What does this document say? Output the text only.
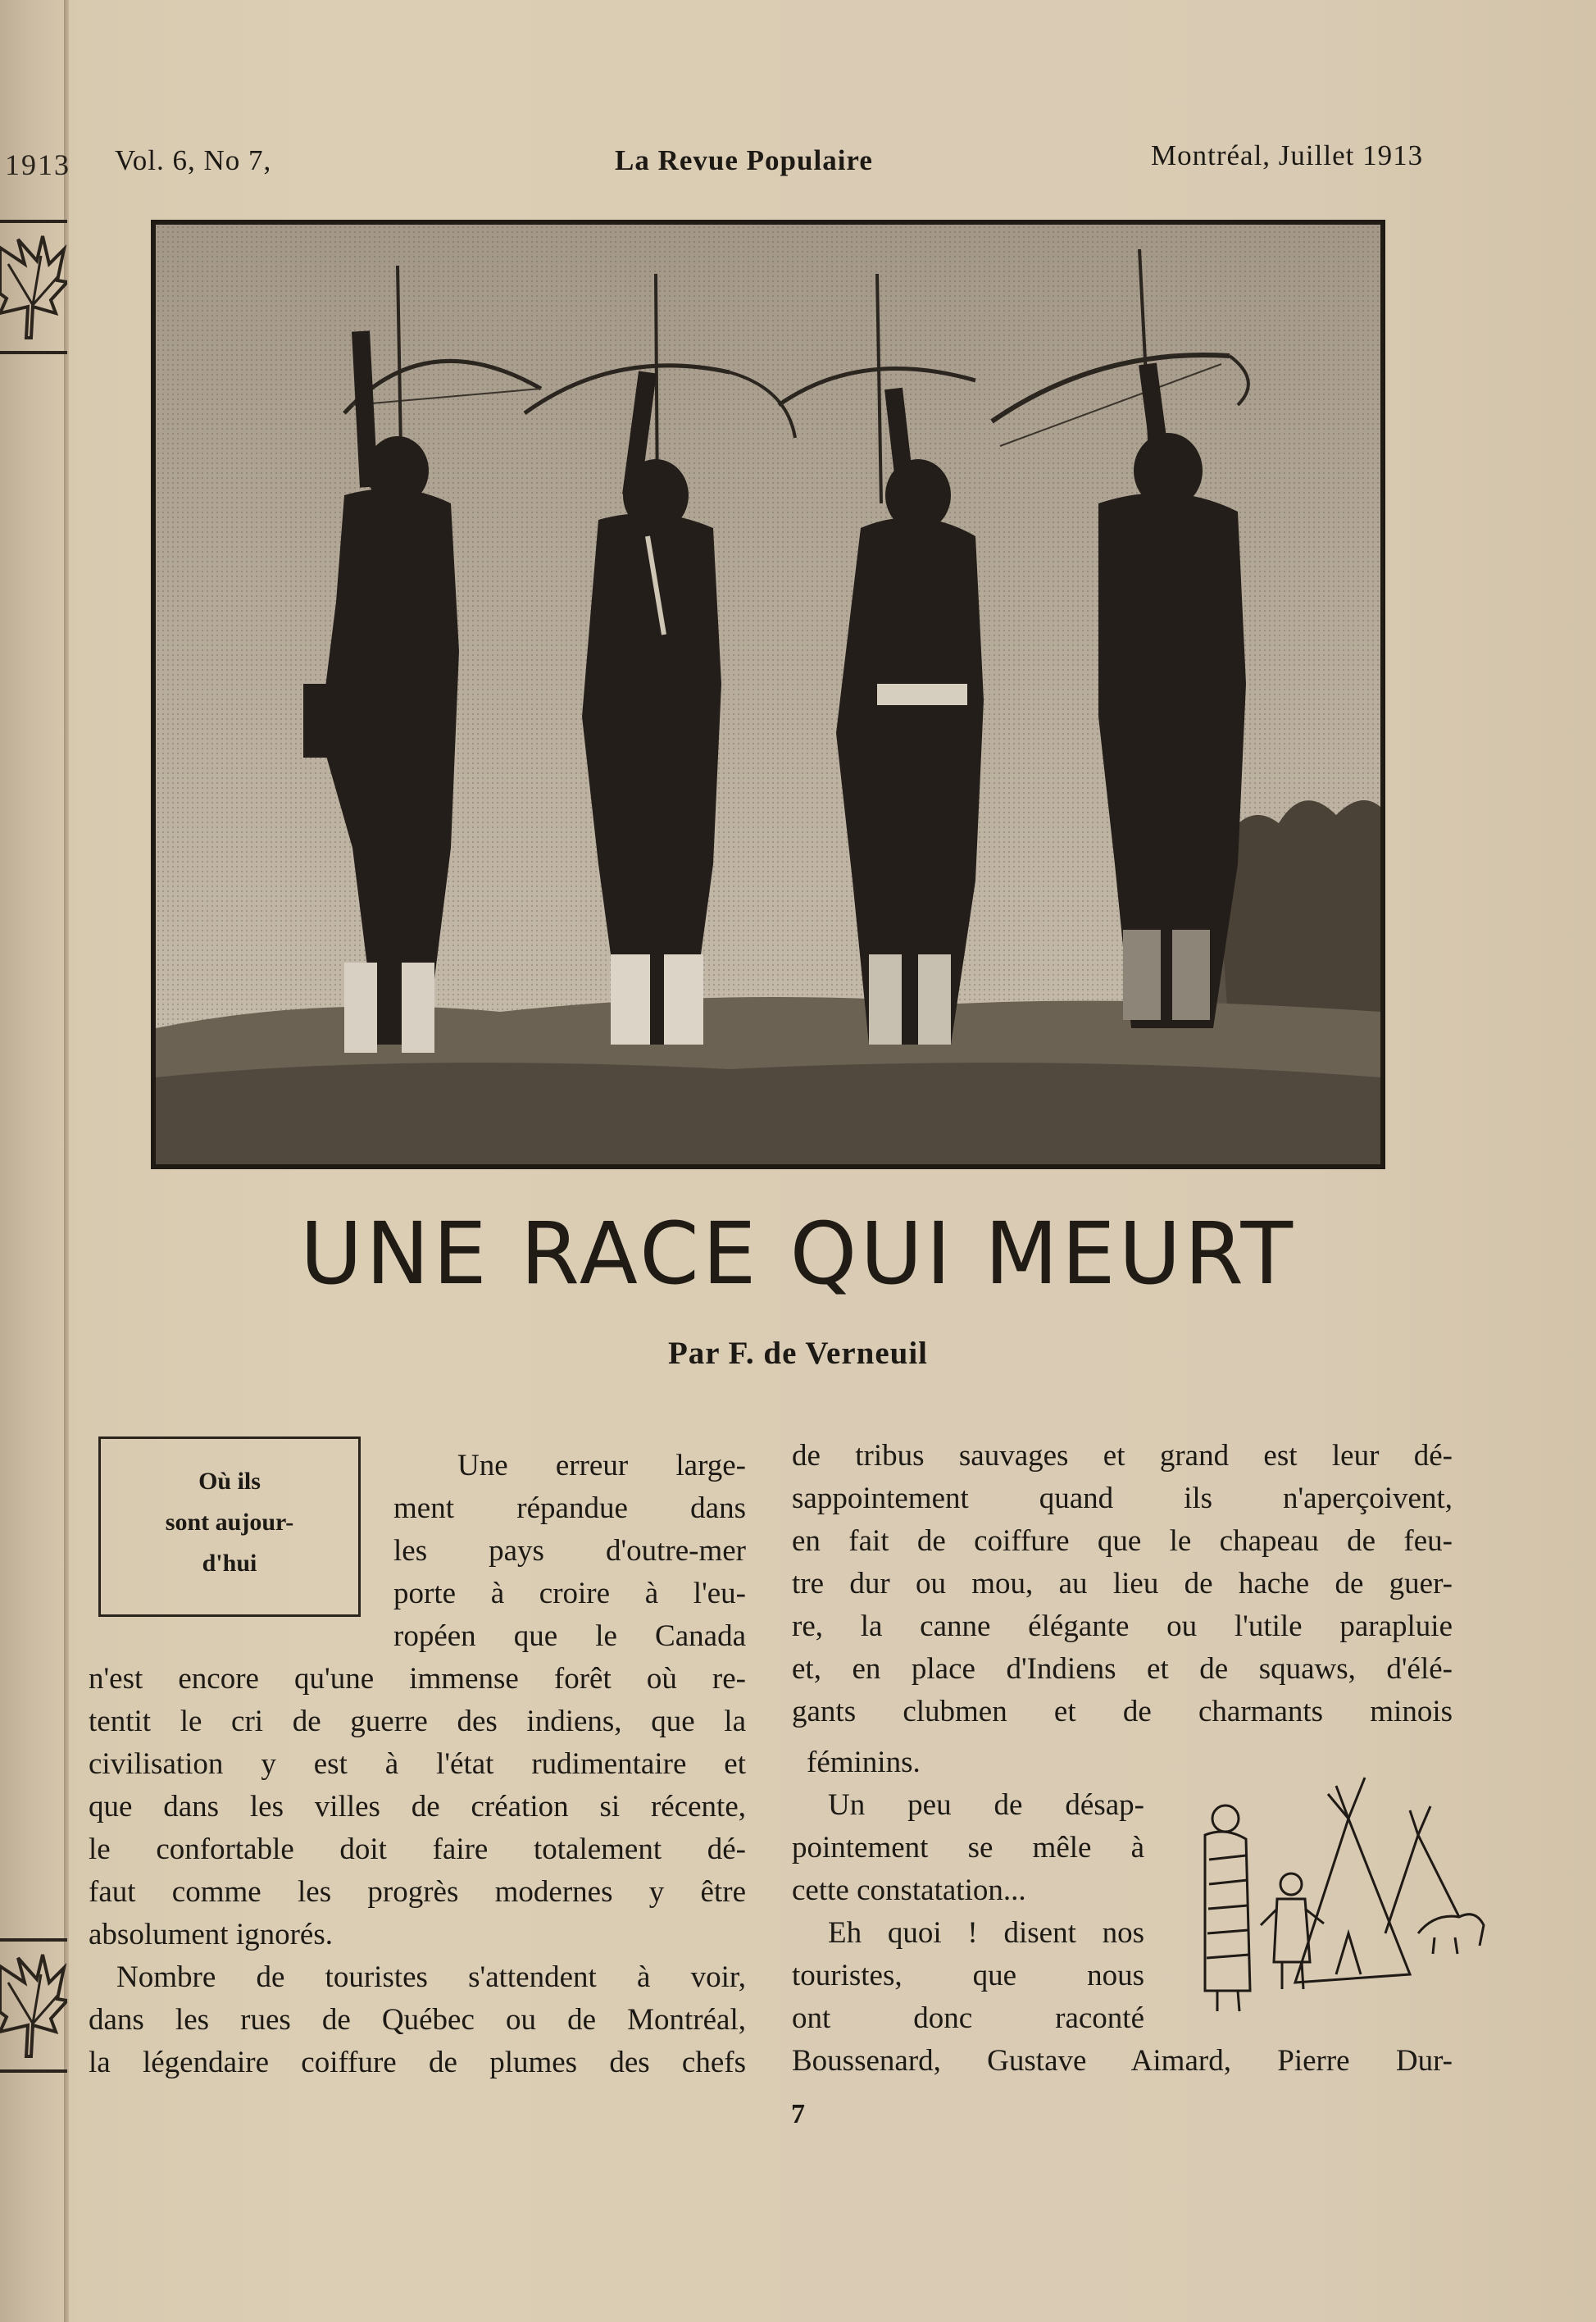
1913 Vol. 6, No 7,	La Revue Populaire	Montréal, Juillet 1913
UNE RACE QUI MEURT
Par F. de Verneuil
Où ils
sont aujour-
d'hui
Une erreur large-
ment répandue dans
les pays d'outre-mer
porte à croire à l'eu-
ropéen que le Canada
n'est encore qu'une immense forêt où re-
tentit le cri de guerre des indiens, que la
civilisation y est à l'état rudimentaire et
que dans les villes de création si récente,
le confortable doit faire totalement dé-
faut comme les progrès modernes y être
absolument ignorés.
Nombre de touristes s'attendent à voir,
dans les rues de Québec ou de Montréal,
la légendaire coiffure de plumes des chefs
de tribus sauvages et grand est leur dé-
sappointement quand ils n'aperçoivent,
en fait de coiffure que le chapeau de feu-
tre dur ou mou, au lieu de hache de guer-
re, la canne élégante ou l'utile parapluie
et, en place d'Indiens et de squaws, d'élé-
gants clubmen et de charmants minois
féminins.
Un peu de désap-
pointement se mêle à
cette constatation...
Eh quoi ! disent nos
touristes, que nous
ont donc raconté
Boussenard, Gustave Aimard, Pierre Dur-
7
